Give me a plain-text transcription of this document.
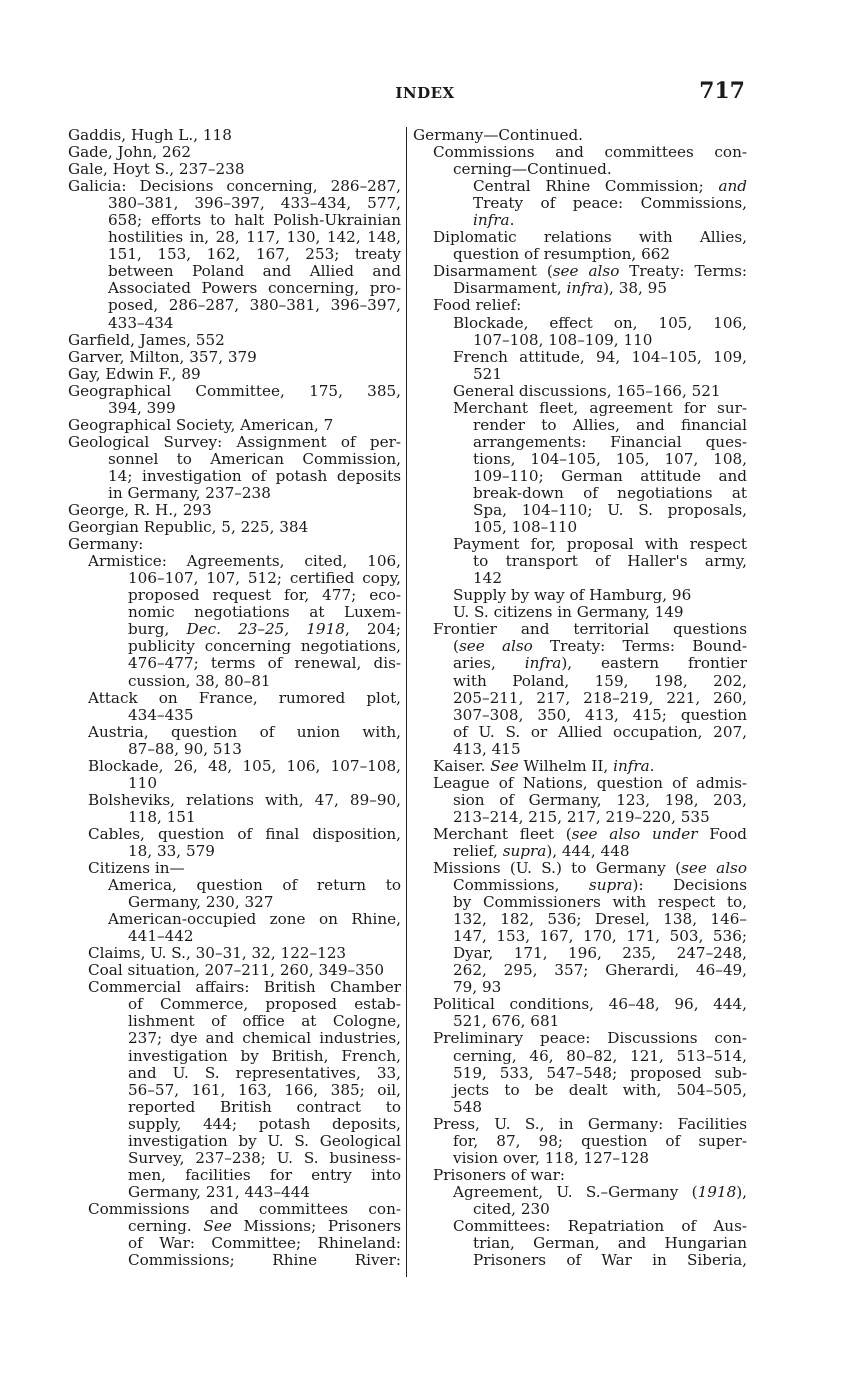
INDEX	717
Gaddis, Hugh L., 118
Gade, John, 262
Gale, Hoyt S., 237–238
Galicia: Decisions concerning, 286–287,
380–381, 396–397, 433–434, 577,
658; efforts to halt Polish-Ukrainian
hostilities in, 28, 117, 130, 142, 148,
151, 153, 162, 167, 253; treaty
between Poland and Allied and
Associated Powers concerning, pro-
posed, 286–287, 380–381, 396–397,
433–434
Garfield, James, 552
Garver, Milton, 357, 379
Gay, Edwin F., 89
Geographical Committee, 175, 385,
394, 399
Geographical Society, American, 7
Geological Survey: Assignment of per-
sonnel to American Commission,
14; investigation of potash deposits
in Germany, 237–238
George, R. H., 293
Georgian Republic, 5, 225, 384
Germany:
Armistice: Agreements, cited, 106,
106–107, 107, 512; certified copy,
proposed request for, 477; eco-
nomic negotiations at Luxem-
burg, Dec. 23–25, 1918, 204;
publicity concerning negotiations,
476–477; terms of renewal, dis-
cussion, 38, 80–81
Attack on France, rumored plot,
434–435
Austria, question of union with,
87–88, 90, 513
Blockade, 26, 48, 105, 106, 107–108,
110
Bolsheviks, relations with, 47, 89–90,
118, 151
Cables, question of final disposition,
18, 33, 579
Citizens in—
America, question of return to
Germany, 230, 327
American-occupied zone on Rhine,
441–442
Claims, U. S., 30–31, 32, 122–123
Coal situation, 207–211, 260, 349–350
Commercial affairs: British Chamber
of Commerce, proposed estab-
lishment of office at Cologne,
237; dye and chemical industries,
investigation by British, French,
and U. S. representatives, 33,
56–57, 161, 163, 166, 385; oil,
reported British contract to
supply, 444; potash deposits,
investigation by U. S. Geological
Survey, 237–238; U. S. business-
men, facilities for entry into
Germany, 231, 443–444
Commissions and committees con-
cerning. See Missions; Prisoners
of War: Committee; Rhineland:
Commissions; Rhine River:
Germany—Continued.
Commissions and committees con-
cerning—Continued.
Central Rhine Commission; and
Treaty of peace: Commissions,
infra.
Diplomatic relations with Allies,
question of resumption, 662
Disarmament (see also Treaty: Terms:
Disarmament, infra), 38, 95
Food relief:
Blockade, effect on, 105, 106,
107–108, 108–109, 110
French attitude, 94, 104–105, 109,
521
General discussions, 165–166, 521
Merchant fleet, agreement for sur-
render to Allies, and financial
arrangements: Financial ques-
tions, 104–105, 105, 107, 108,
109–110; German attitude and
break-down of negotiations at
Spa, 104–110; U. S. proposals,
105, 108–110
Payment for, proposal with respect
to transport of Haller's army,
142
Supply by way of Hamburg, 96
U. S. citizens in Germany, 149
Frontier and territorial questions
(see also Treaty: Terms: Bound-
aries, infra), eastern frontier
with Poland, 159, 198, 202,
205–211, 217, 218–219, 221, 260,
307–308, 350, 413, 415; question
of U. S. or Allied occupation, 207,
413, 415
Kaiser. See Wilhelm II, infra.
League of Nations, question of admis-
sion of Germany, 123, 198, 203,
213–214, 215, 217, 219–220, 535
Merchant fleet (see also under Food
relief, supra), 444, 448
Missions (U. S.) to Germany (see also
Commissions, supra): Decisions
by Commissioners with respect to,
132, 182, 536; Dresel, 138, 146–
147, 153, 167, 170, 171, 503, 536;
Dyar, 171, 196, 235, 247–248,
262, 295, 357; Gherardi, 46–49,
79, 93
Political conditions, 46–48, 96, 444,
521, 676, 681
Preliminary peace: Discussions con-
cerning, 46, 80–82, 121, 513–514,
519, 533, 547–548; proposed sub-
jects to be dealt with, 504–505,
548
Press, U. S., in Germany: Facilities
for, 87, 98; question of super-
vision over, 118, 127–128
Prisoners of war:
Agreement, U. S.–Germany (1918),
cited, 230
Committees: Repatriation of Aus-
trian, German, and Hungarian
Prisoners of War in Siberia,
